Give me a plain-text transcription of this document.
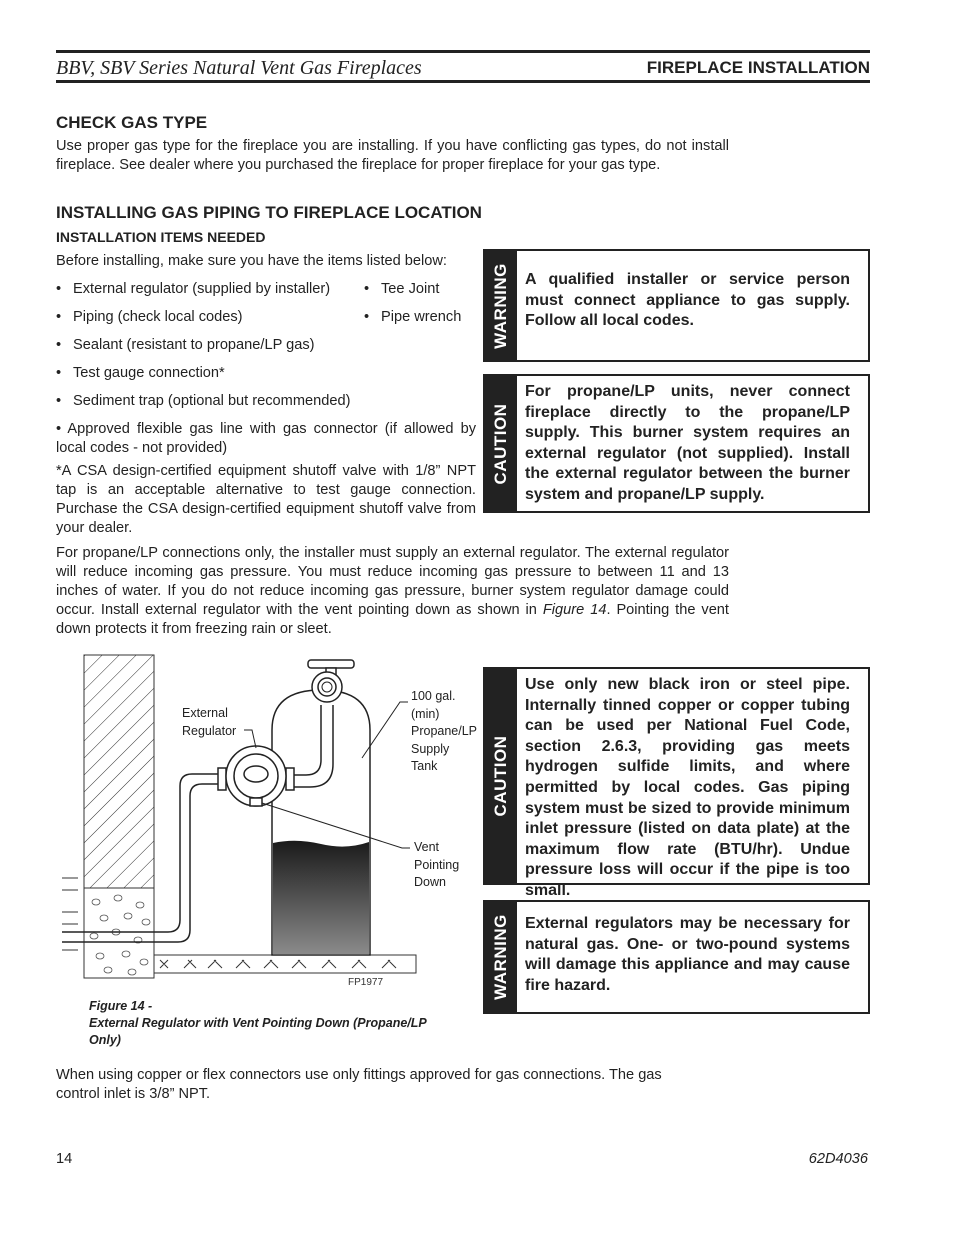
BBV, SBV Series Natural Vent Gas Fireplaces	FIREPLACE INSTALLATION
CHECK GAS TYPE

Use proper gas type for the fireplace you are installing. If you have conflicting gas types, do not install fireplace. See dealer where you purchased the fireplace for proper fireplace for your gas type.

INSTALLING GAS PIPING TO FIREPLACE LOCATION
INSTALLATION ITEMS NEEDED
Before installing, make sure you have the items listed below:
• External regulator (supplied by installer)
• Piping (check local codes)
• Sealant (resistant to propane/LP gas)
• Test gauge connection*
• Sediment trap (optional but recommended)
• Tee Joint
• Pipe wrench
• Approved flexible gas line with gas connector (if allowed by local codes - not provided)

*A CSA design-certified equipment shutoff valve with 1/8” NPT tap is an acceptable alternative to test gauge connection. Purchase the CSA design-certified equipment shutoff valve from your dealer.

For propane/LP connections only, the installer must supply an external regulator. The external regulator will reduce incoming gas pressure. You must reduce incoming gas pressure to between 11 and 13 inches of water. If you do not reduce incoming gas pressure, burner system regulator damage could occur. Install external regulator with the vent pointing down as shown in Figure 14. Pointing the vent down protects it from freezing rain or sleet.

WARNING A qualified installer or service person must connect appliance to gas supply. Follow all local codes.
CAUTION
For propane/LP units, never connect fireplace directly to the propane/LP supply. This burner system requires an external regulator (not supplied). Install the external regulator between the burner system and propane/LP supply.
CAUTION
Use only new black iron or steel pipe. Internally tinned copper or copper tubing can be used per National Fuel Code, section 2.6.3, providing gas meets hydrogen sulfide limits, and where permitted by local codes. Gas piping system must be sized to provide minimum inlet pressure (listed on data plate) at the maximum flow rate (BTU/hr). Undue pressure loss will occur if the pipe is too small.
WARNING External regulators may be necessary for natural gas. One- or two-pound systems will damage this appliance and may cause fire hazard.
External Regulator
100 gal. (min) Propane/LP Supply Tank
Vent Pointing Down
FP1977
Figure 14 -
External Regulator with Vent Pointing Down (Propane/LP Only)

When using copper or flex connectors use only fittings approved for gas connections. The gas control inlet is 3/8” NPT.

14	62D4036
